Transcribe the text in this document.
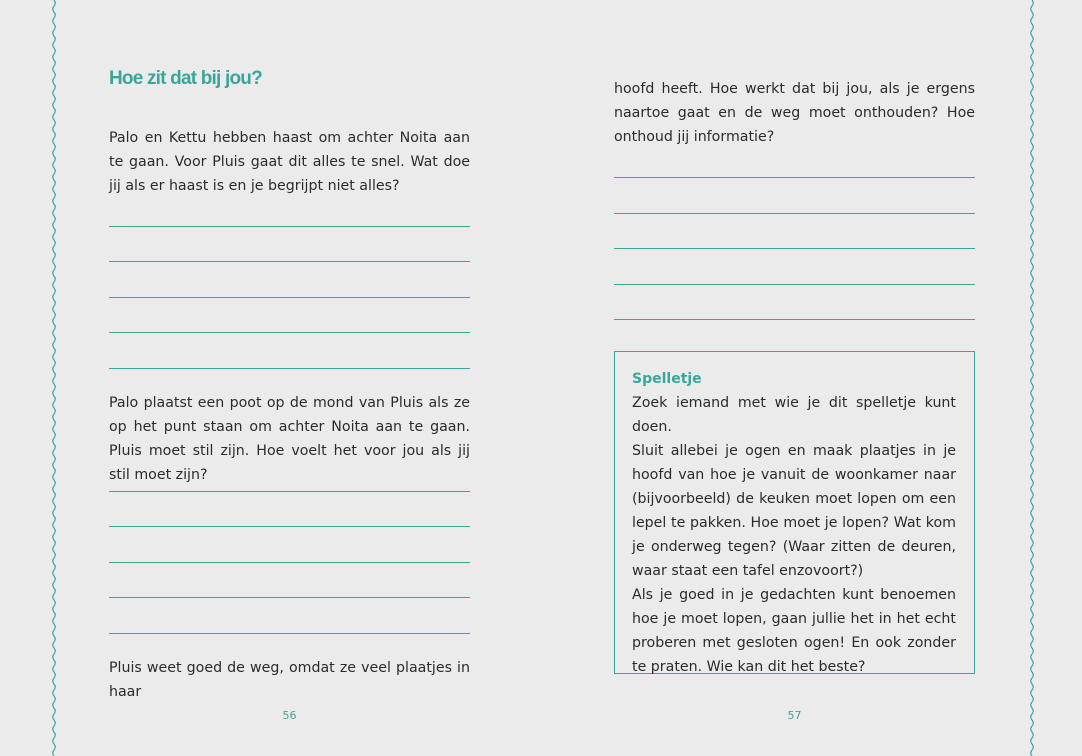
Hoe zit dat bij jou?

Palo en Kettu hebben haast om achter Noita aan te gaan. Voor Pluis gaat dit alles te snel. Wat doe jij als er haast is en je begrijpt niet alles?

Palo plaatst een poot op de mond van Pluis als ze op het punt staan om achter Noita aan te gaan. Pluis moet stil zijn. Hoe voelt het voor jou als jij stil moet zijn?

Pluis weet goed de weg, omdat ze veel plaatjes in haar

56

hoofd heeft. Hoe werkt dat bij jou, als je ergens naartoe gaat en de weg moet onthouden? Hoe onthoud jij informatie?

Spelletje

Zoek iemand met wie je dit spelletje kunt doen.

Sluit allebei je ogen en maak plaatjes in je hoofd van hoe je vanuit de woonkamer naar (bijvoorbeeld) de keuken moet lopen om een lepel te pakken. Hoe moet je lopen? Wat kom je onderweg tegen? (Waar zitten de deuren, waar staat een tafel enzovoort?)

Als je goed in je gedachten kunt benoemen hoe je moet lopen, gaan jullie het in het echt proberen met gesloten ogen! En ook zonder te praten. Wie kan dit het beste?

57
